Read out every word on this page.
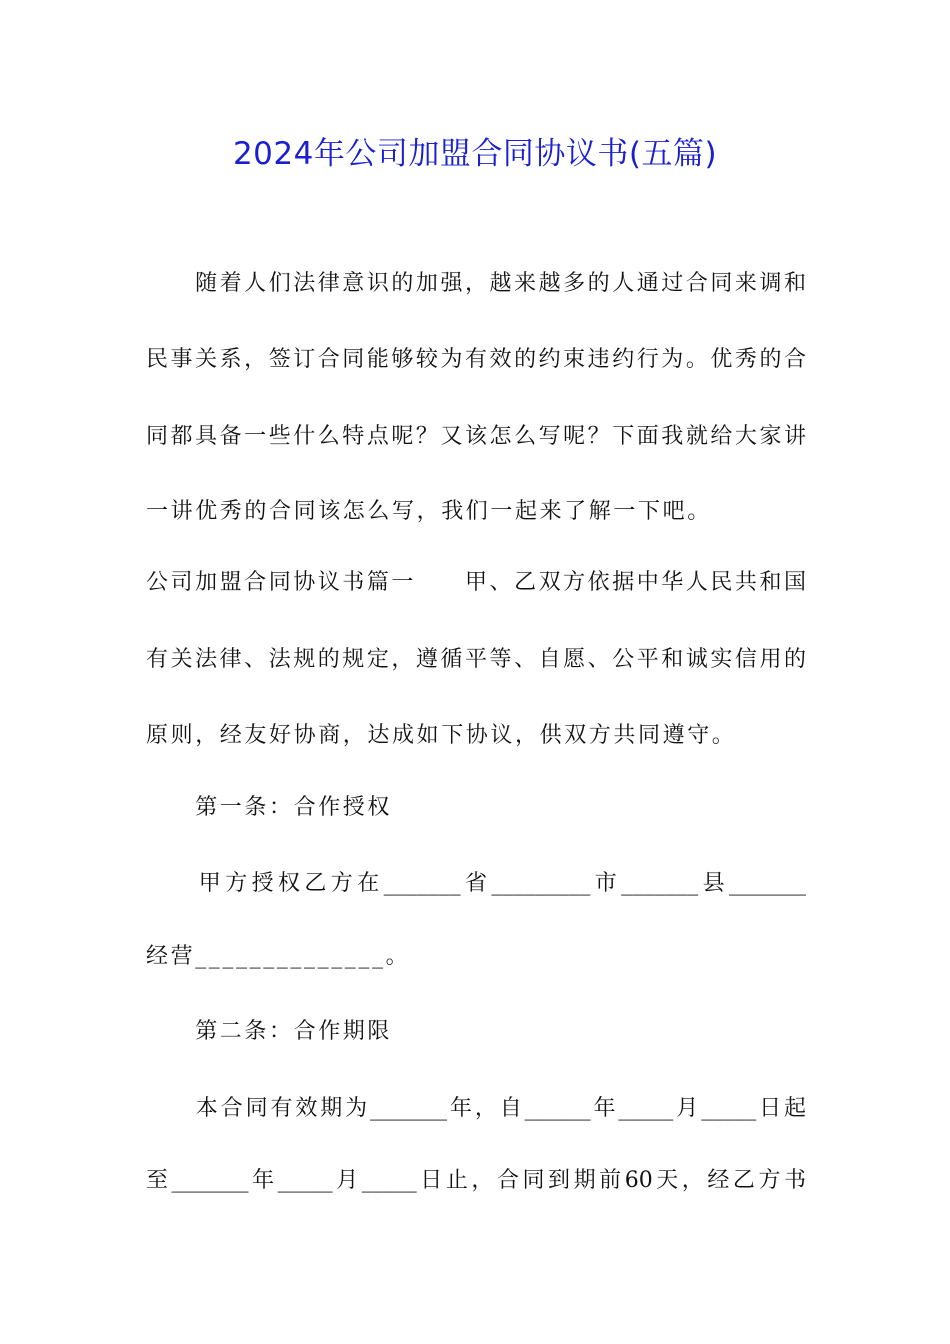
2024年公司加盟合同协议书(五篇)
　　随着人们法律意识的加强，越来越多的人通过合同来调和
民事关系，签订合同能够较为有效的约束违约行为。优秀的合
同都具备一些什么特点呢？又该怎么写呢？下面我就给大家讲
一讲优秀的合同该怎么写，我们一起来了解一下吧。
公司加盟合同协议书篇一　　甲、乙双方依据中华人民共和国
有关法律、法规的规定，遵循平等、自愿、公平和诚实信用的
原则，经友好协商，达成如下协议，供双方共同遵守。
　　第一条：合作授权
　　甲方授权乙方在_______省_________市_______县_______
经营______________。
　　第二条：合作期限
　　本合同有效期为_______年，自______年_____月_____日起
至_______年_____月_____日止，合同到期前60天，经乙方书
